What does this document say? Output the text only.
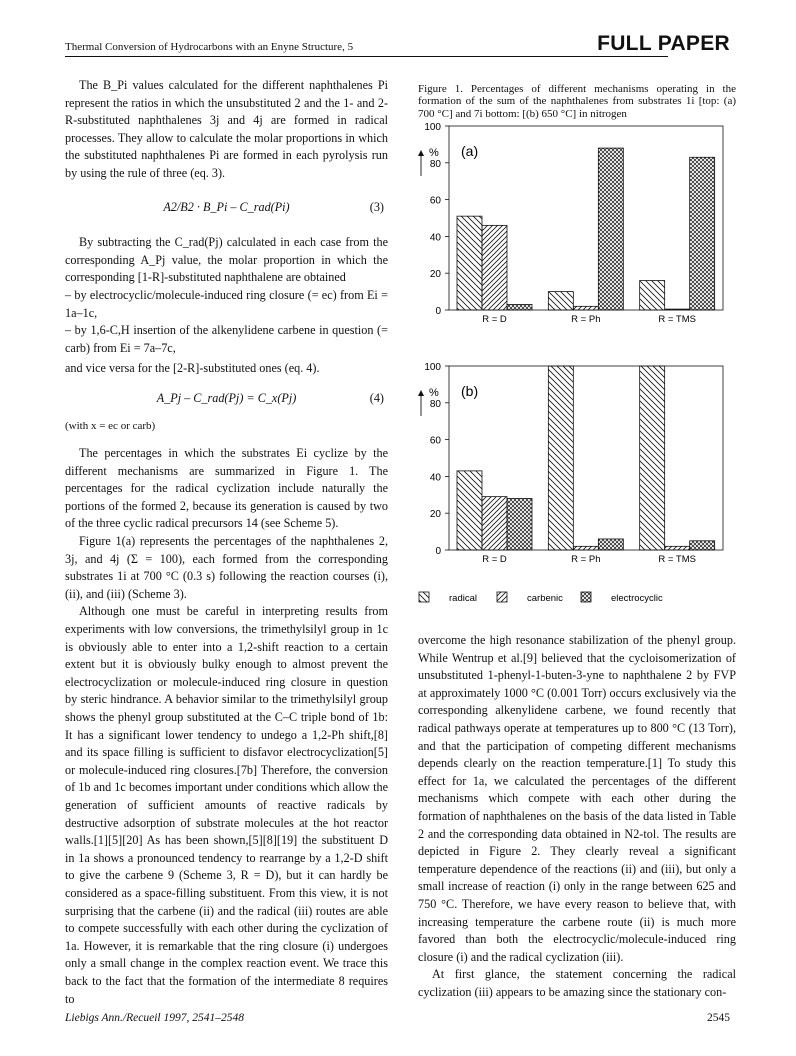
Thermal Conversion of Hydrocarbons with an Enyne Structure, 5	FULL PAPER

The B_Pi values calculated for the different naphthalenes Pi represent the ratios in which the unsubstituted 2 and the 1- and 2-R-substituted naphthalenes 3j and 4j are formed in radical processes. They allow to calculate the molar proportions in which the substituted naphthalenes Pi are formed in each pyrolysis run by using the rule of three (eq. 3).

A2/B2 · B_Pi – C_rad(Pi)	(3)

By subtracting the C_rad(Pj) calculated in each case from the corresponding A_Pj value, the molar proportion in which the corresponding [1-R]-substituted naphthalene are obtained

– by electrocyclic/molecule-induced ring closure (= ec) from Ei = 1a–1c,

– by 1,6-C,H insertion of the alkenylidene carbene in question (= carb) from Ei = 7a–7c,

and vice versa for the [2-R]-substituted ones (eq. 4).

A_Pj – C_rad(Pj) = C_x(Pj)	(4)

(with x = ec or carb)

The percentages in which the substrates Ei cyclize by the different mechanisms are summarized in Figure 1. The percentages for the radical cyclization include naturally the portions of the formed 2, because its generation is caused by two of the three cyclic radical precursors 14 (see Scheme 5).

Figure 1(a) represents the percentages of the naphthalenes 2, 3j, and 4j (Σ = 100), each formed from the corresponding substrates 1i at 700 °C (0.3 s) following the reaction courses (i), (ii), and (iii) (Scheme 3).

Although one must be careful in interpreting results from experiments with low conversions, the trimethylsilyl group in 1c is obviously able to enter into a 1,2-shift reaction to a certain extent but it is obviously bulky enough to almost prevent the electrocyclization or molecule-induced ring closure in question by steric hindrance. A behavior similar to the trimethylsilyl group shows the phenyl group substituted at the C–C triple bond of 1b: It has a significant lower tendency to undego a 1,2-Ph shift,[8] and its space filling is sufficient to disfavor electrocyclization[5] or molecule-induced ring closures.[7b] Therefore, the conversion of 1b and 1c becomes important under conditions which allow the generation of sufficient amounts of reactive radicals by destructive adsorption of substrate molecules at the hot reactor walls.[1][5][20] As has been shown,[5][8][19] the substituent D in 1a shows a pronounced tendency to rearrange by a 1,2-D shift to give the carbene 9 (Scheme 3, R = D), but it can hardly be considered as a space-filling substituent. From this view, it is not surprising that the carbene (ii) and the radical (iii) routes are able to compete successfully with each other during the cyclization of 1a. However, it is remarkable that the ring closure (i) undergoes only a small change in the complex reaction event. We trace this back to the fact that the formation of the intermediate 8 requires to

Figure 1. Percentages of different mechanisms operating in the formation of the sum of the naphthalenes from substrates 1i [top: (a) 700 °C] and 7i bottom: [(b) 650 °C] in nitrogen
0
20
40
60
80
100
% (a)
R = D	R = Ph	R = TMS
0
20
40
60
80
100
% (b)
R = D	R = Ph	R = TMS
radical	carbenic	electrocyclic

overcome the high resonance stabilization of the phenyl group. While Wentrup et al.[9] believed that the cycloisomerization of unsubstituted 1-phenyl-1-buten-3-yne to naphthalene 2 by FVP at approximately 1000 °C (0.001 Torr) occurs exclusively via the corresponding alkenylidene carbene, we found recently that radical pathways operate at temperatures up to 800 °C (13 Torr), and that the participation of competing different mechanisms depends clearly on the reaction temperature.[1] To study this effect for 1a, we calculated the percentages of the different mechanisms which compete with each other during the formation of naphthalenes on the basis of the data listed in Table 2 and the corresponding data obtained in N2-tol. The results are depicted in Figure 2. They clearly reveal a significant temperature dependence of the reactions (ii) and (iii), but only a small increase of reaction (i) only in the range between 625 and 750 °C. Therefore, we have every reason to believe that, with increasing temperature the carbene route (ii) is much more favored than both the electrocyclic/molecule-induced ring closure (i) and the radical cyclization (iii).

At first glance, the statement concerning the radical cyclization (iii) appears to be amazing since the stationary con-

Liebigs Ann./Recueil 1997, 2541–2548	2545
